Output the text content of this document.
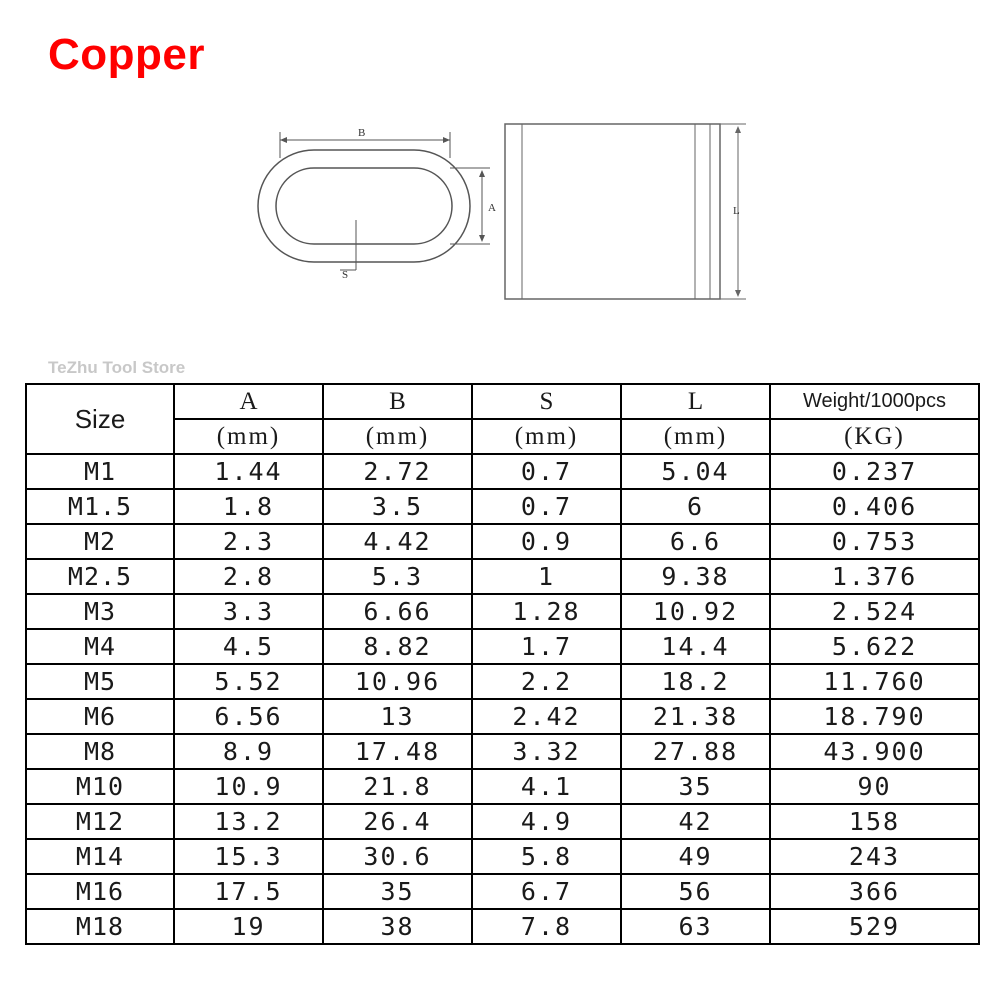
Copper
B
A
S
L
TeZhu Tool Store
Size	A	B	S	L	Weight/1000pcs
	(mm)	(mm)	(mm)	(mm)	(KG)
M1	1.44	2.72	0.7	5.04	0.237
M1.5	1.8	3.5	0.7	6	0.406
M2	2.3	4.42	0.9	6.6	0.753
M2.5	2.8	5.3	1	9.38	1.376
M3	3.3	6.66	1.28	10.92	2.524
M4	4.5	8.82	1.7	14.4	5.622
M5	5.52	10.96	2.2	18.2	11.760
M6	6.56	13	2.42	21.38	18.790
M8	8.9	17.48	3.32	27.88	43.900
M10	10.9	21.8	4.1	35	90
M12	13.2	26.4	4.9	42	158
M14	15.3	30.6	5.8	49	243
M16	17.5	35	6.7	56	366
M18	19	38	7.8	63	529
